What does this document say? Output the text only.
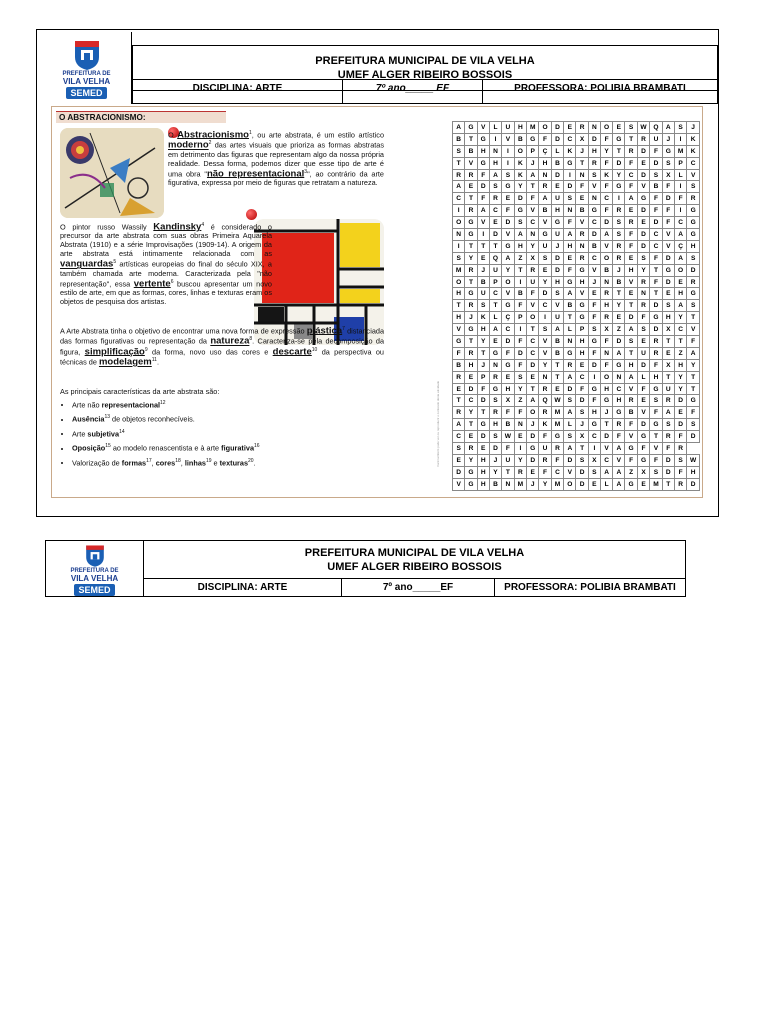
PREFEITURA DE
VILA VELHA
SEMED
PREFEITURA MUNICIPAL DE VILA VELHA
UMEF ALGER RIBEIRO BOSSOIS
DISCIPLINA: ARTE	7º ano_____ EF	PROFESSORA: POLIBIA BRAMBATI
O ABSTRACIONISMO:
O Abstracionismo$^1$, ou arte abstrata, é um estilo artístico moderno$^2$ das artes visuais que prioriza as formas abstratas em detrimento das figuras que representam algo da nossa própria realidade. Dessa forma, podemos dizer que esse tipo de arte é uma obra "não representacional$^3$", ao contrário da arte figurativa, expressa por meio de figuras que retratam a natureza.
O pintor russo Wassily Kandinsky$^4$ é considerado o precursor da arte abstrata com suas obras Primeira Aquarela Abstrata (1910) e a série Improvisações (1909-14). A origem da arte abstrata está intimamente relacionada com as vanguardas$^5$ artísticas europeias do final do século XIX, a também chamada arte moderna. Caracterizada pela "não representação", essa vertente$^6$ buscou apresentar um novo estilo de arte, em que as formas, cores, linhas e texturas eram os objetos de pesquisa dos artistas.
A Arte Abstrata tinha o objetivo de encontrar uma nova forma de expressão plástica$^7$ distanciada das formas figurativas ou representação da natureza$^8$. Caracteriza-se pela decomposição da figura, simplificação$^9$ da forma, novo uso das cores e descarte$^{10}$ da perspectiva ou técnicas de modelagem$^{11}$.
As principais características da arte abstrata são:
• Arte não representacional$^{12}$
• Ausência$^{13}$ de objetos reconhecíveis.
• Arte subjetiva$^{14}$
• Oposição$^{15}$ ao modelo renascentista e à arte figurativa$^{16}$
• Valorização de formas$^{17}$, cores$^{18}$, linhas$^{19}$ e texturas$^{20}$.	Você também pode ver ou reproduzir o conteúdo desta atividade
A	G	V	L	U	H	M	O	D	E	R	N	O	E	S	W	Q	A	S	J
B	T	G	I	V	B	G	F	D	C	X	D	F	G	T	R	U	J	I	K
S	B	H	N	I	O	P	Ç	L	K	J	H	Y	T	R	D	F	G	M	K
T	V	G	H	I	K	J	H	B	G	T	R	F	D	F	E	D	S	P	C
R	R	F	A	S	K	A	N	D	I	N	S	K	Y	C	D	S	X	L	V
A	E	D	S	G	Y	T	R	E	D	F	V	F	G	F	V	B	F	I	S
C	T	F	R	E	D	F	A	U	S	E	N	C	I	A	G	F	D	F	R
I	R	A	C	F	G	V	B	H	N	B	G	F	R	E	D	F	F	I	G
O	G	V	E	D	S	C	V	G	F	V	C	D	S	R	E	D	F	C	G
N	G	I	D	V	A	N	G	U	A	R	D	A	S	F	D	C	V	A	G
I	T	T	T	G	H	Y	U	J	H	N	B	V	R	F	D	C	V	Ç	H
S	Y	E	Q	A	Z	X	S	D	E	R	C	O	R	E	S	F	D	A	S
M	R	J	U	Y	T	R	E	D	F	G	V	B	J	H	Y	T	G	O	D
O	T	B	P	O	I	U	Y	H	G	H	J	N	B	V	R	F	D	E	R
H	G	U	C	V	B	F	D	S	A	V	E	R	T	E	N	T	E	H	G
T	R	S	T	G	F	V	C	V	B	G	F	H	Y	T	R	D	S	A	S
H	J	K	L	Ç	P	O	I	U	T	G	F	R	E	D	F	G	H	Y	T
V	G	H	A	C	I	T	S	A	L	P	S	X	Z	A	S	D	X	C	V
G	T	Y	E	D	F	C	V	B	N	H	G	F	D	S	E	R	T	T	F
F	R	T	G	F	D	C	V	B	G	H	F	N	A	T	U	R	E	Z	A
B	H	J	N	G	F	D	Y	T	R	E	D	F	G	H	D	F	X	H	Y
R	E	P	R	E	S	E	N	T	A	C	I	O	N	A	L	H	T	Y	T
E	D	F	G	H	Y	T	R	E	D	F	G	H	C	V	F	G	U	Y	T
T	C	D	S	X	Z	A	Q	W	S	D	F	G	H	R	E	S	R	D	G
R	Y	T	R	F	F	O	R	M	A	S	H	J	G	B	V	F	A	E	F
A	T	G	H	B	N	J	K	M	L	J	G	T	R	F	D	G	S	D	S
C	E	D	S	W	E	D	F	G	S	X	C	D	F	V	G	T	R	F	D
S	R	E	D	F	I	G	U	R	A	T	I	V	A	G	F	V	F	R	
E	Y	H	J	U	Y	D	R	F	D	S	X	C	V	F	G	F	D	S	W
D	G	H	Y	T	R	E	F	C	V	D	S	A	A	Z	X	S	D	F	H
V	G	H	B	N	M	J	Y	M	O	D	E	L	A	G	E	M	T	R	D
PREFEITURA DE
VILA VELHA
SEMED
PREFEITURA MUNICIPAL DE VILA VELHA
UMEF ALGER RIBEIRO BOSSOIS
DISCIPLINA: ARTE	7º ano_____EF	PROFESSORA: POLIBIA BRAMBATI
